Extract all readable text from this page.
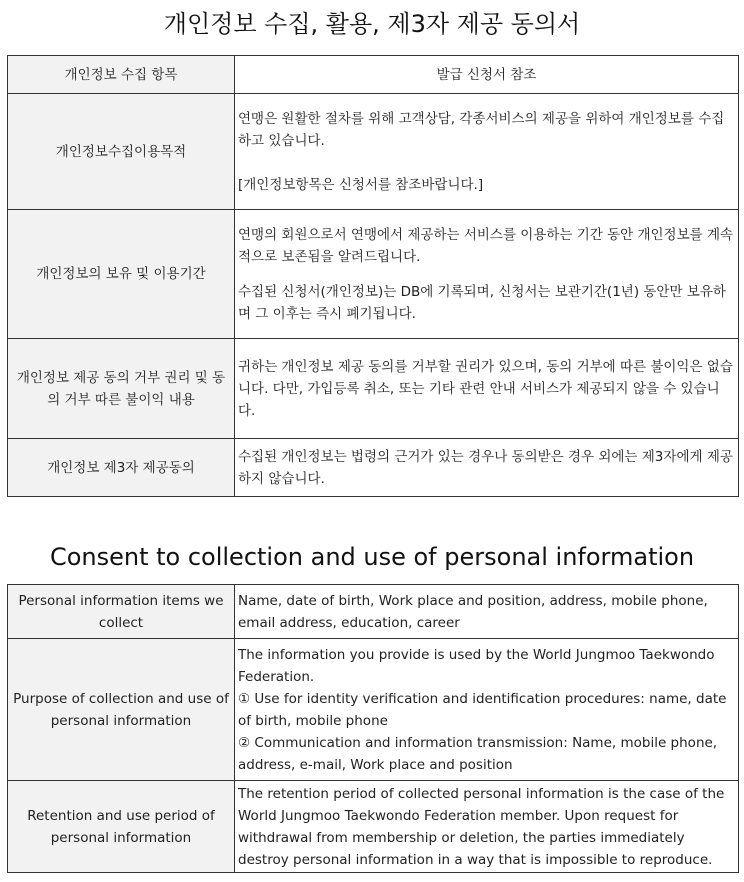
개인정보 수집, 활용, 제3자 제공 동의서
개인정보 수집 항목	발급 신청서 참조
개인정보수집이용목적	연맹은 원활한 절차를 위해 고객상담, 각종서비스의 제공을 위하여 개인정보를 수집하고 있습니다.

[개인정보항목은 신청서를 참조바랍니다.]

개인정보의 보유 및 이용기간	연맹의 회원으로서 연맹에서 제공하는 서비스를 이용하는 기간 동안 개인정보를 계속적으로 보존됨을 알려드립니다.

수집된 신청서(개인정보)는 DB에 기록되며, 신청서는 보관기간(1년) 동안만 보유하며 그 이후는 즉시 폐기됩니다.

개인정보 제공 동의 거부 권리 및 동의 거부 따른 불이익 내용	귀하는 개인정보 제공 동의를 거부할 권리가 있으며, 동의 거부에 따른 불이익은 없습니다. 다만, 가입등록 취소, 또는 기타 관련 안내 서비스가 제공되지 않을 수 있습니다.

개인정보 제3자 제공동의	수집된 개인정보는 법령의 근거가 있는 경우나 동의받은 경우 외에는 제3자에게 제공하지 않습니다.

Consent to collection and use of personal information
Personal information items we collect	Name, date of birth, Work place and position, address, mobile phone, email address, education, career

Purpose of collection and use of personal information	The information you provide is used by the World Jungmoo Taekwondo Federation.
① Use for identity verification and identification procedures: name, date of birth, mobile phone
② Communication and information transmission: Name, mobile phone, address, e-mail, Work place and position

Retention and use period of personal information	The retention period of collected personal information is the case of the World Jungmoo Taekwondo Federation member. Upon request for withdrawal from membership or deletion, the parties immediately destroy personal information in a way that is impossible to reproduce.
